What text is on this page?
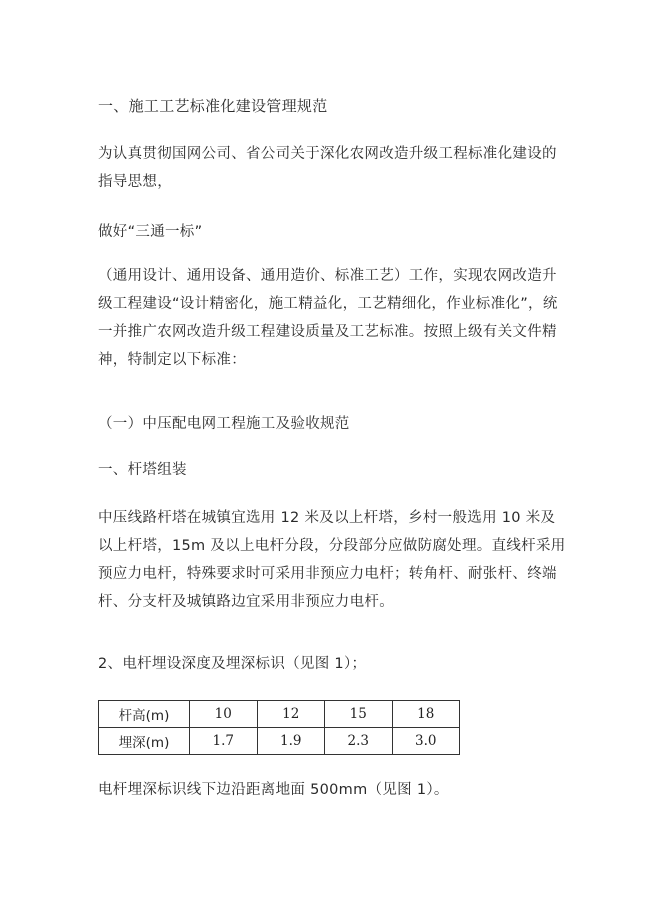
一、施工工艺标准化建设管理规范
为认真贯彻国网公司、省公司关于深化农网改造升级工程标准化建设的
指导思想，
做好“三通一标”
（通用设计、通用设备、通用造价、标准工艺）工作，实现农网改造升
级工程建设“设计精密化，施工精益化，工艺精细化，作业标准化”，统
一并推广农网改造升级工程建设质量及工艺标准。按照上级有关文件精
神，特制定以下标准：
（一）中压配电网工程施工及验收规范
一、杆塔组装
中压线路杆塔在城镇宜选用 12 米及以上杆塔，乡村一般选用 10 米及
以上杆塔，15m 及以上电杆分段，分段部分应做防腐处理。直线杆采用
预应力电杆，特殊要求时可采用非预应力电杆；转角杆、耐张杆、终端
杆、分支杆及城镇路边宜采用非预应力电杆。
2、电杆埋设深度及埋深标识（见图 1）；
杆高(m)	10	12	15	18
埋深(m)	1.7	1.9	2.3	3.0
电杆埋深标识线下边沿距离地面 500mm（见图 1）。
